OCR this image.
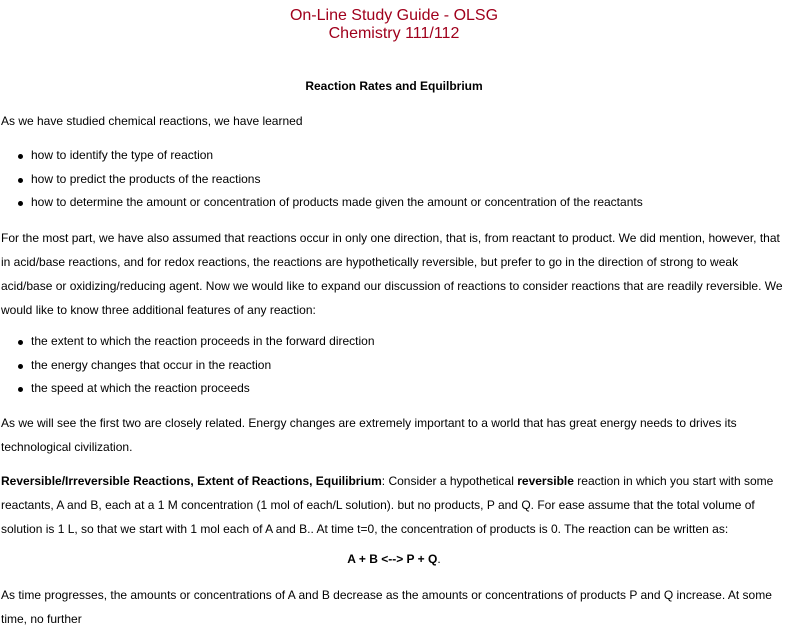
On-Line Study Guide - OLSG
Chemistry 111/112
Reaction Rates and Equilbrium

As we have studied chemical reactions, we have learned

how to identify the type of reaction
how to predict the products of the reactions
how to determine the amount or concentration of products made given the amount or concentration of the reactants

For the most part, we have also assumed that reactions occur in only one direction, that is, from reactant to product. We did mention, however, that in acid/base reactions, and for redox reactions, the reactions are hypothetically reversible, but prefer to go in the direction of strong to weak acid/base or oxidizing/reducing agent. Now we would like to expand our discussion of reactions to consider reactions that are readily reversible. We would like to know three additional features of any reaction:

the extent to which the reaction proceeds in the forward direction
the energy changes that occur in the reaction
the speed at which the reaction proceeds

As we will see the first two are closely related. Energy changes are extremely important to a world that has great energy needs to drives its technological civilization.

Reversible/Irreversible Reactions, Extent of Reactions, Equilibrium: Consider a hypothetical reversible reaction in which you start with some reactants, A and B, each at a 1 M concentration (1 mol of each/L solution). but no products, P and Q. For ease assume that the total volume of solution is 1 L, so that we start with 1 mol each of A and B.. At time t=0, the concentration of products is 0. The reaction can be written as:

A + B <--> P + Q.

As time progresses, the amounts or concentrations of A and B decrease as the amounts or concentrations of products P and Q increase. At some time, no further
